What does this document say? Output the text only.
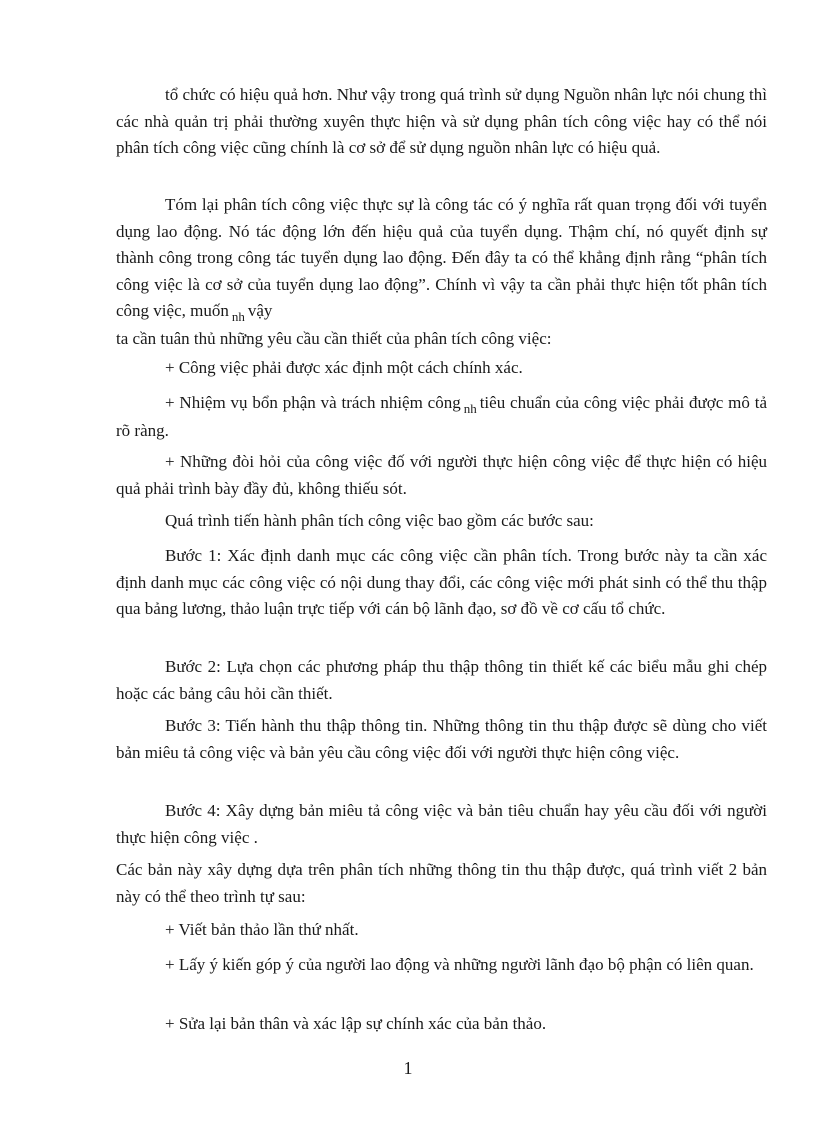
tổ chức có hiệu quả hơn. Như vậy trong quá trình sử dụng Nguồn nhân lực nói chung thì các nhà quản trị phải thường xuyên thực hiện và sử dụng phân tích công việc hay có thể nói phân tích công việc cũng chính là cơ sở để sử dụng nguồn nhân lực có hiệu quả.

Tóm lại phân tích công việc thực sự là công tác có ý nghĩa rất quan trọng đối với tuyển dụng lao động. Nó tác động lớn đến hiệu quả của tuyển dụng. Thậm chí, nó quyết định sự thành công trong công tác tuyển dụng lao động. Đến đây ta có thể khẳng định rằng “phân tích công việc là cơ sở của tuyển dụng lao động”. Chính vì vậy ta cần phải thực hiện tốt phân tích công việc, muốn $_{nh}$ vậy
ta cần tuân thủ những yêu cầu cần thiết của phân tích công việc:

+ Công việc phải được xác định một cách chính xác.

+ Nhiệm vụ bổn phận và trách nhiệm công $_{nh}$ tiêu chuẩn của công việc phải được mô tả rõ ràng.

+ Những đòi hỏi của công việc đố với người thực hiện công việc để thực hiện có hiệu quả phải trình bày đầy đủ, không thiếu sót.

Quá trình tiến hành phân tích công việc bao gồm các bước sau:

Bước 1: Xác định danh mục các công việc cần phân tích. Trong bước này ta cần xác định danh mục các công việc có nội dung thay đổi, các công việc mới phát sinh có thể thu thập qua bảng lương, thảo luận trực tiếp với cán bộ lãnh đạo, sơ đồ về cơ cấu tổ chức.

Bước 2: Lựa chọn các phương pháp thu thập thông tin thiết kế các biểu mẫu ghi chép hoặc các bảng câu hỏi cần thiết.

Bước 3: Tiến hành thu thập thông tin. Những thông tin thu thập được sẽ dùng cho viết bản miêu tả công việc và bản yêu cầu công việc đối với người thực hiện công việc.

Bước 4: Xây dựng bản miêu tả công việc và bản tiêu chuẩn hay yêu cầu đối với người thực hiện công việc .

Các bản này xây dựng dựa trên phân tích những thông tin thu thập được, quá trình viết 2 bản này có thể theo trình tự sau:

+ Viết bản thảo lần thứ nhất.

+ Lấy ý kiến góp ý của người lao động và những người lãnh đạo bộ phận có liên quan.

+ Sửa lại bản thân và xác lập sự chính xác của bản thảo.

1
